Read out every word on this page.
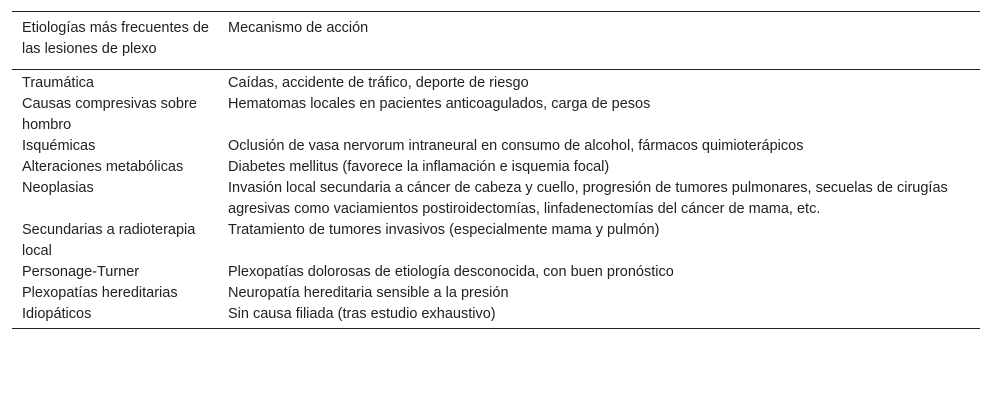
Etiologías más frecuentes de las lesiones de plexo	Mecanismo de acción
Traumática	Caídas, accidente de tráfico, deporte de riesgo
Causas compresivas sobre hombro	Hematomas locales en pacientes anticoagulados, carga de pesos
Isquémicas	Oclusión de vasa nervorum intraneural en consumo de alcohol, fármacos quimioterápicos
Alteraciones metabólicas	Diabetes mellitus (favorece la inflamación e isquemia focal)
Neoplasias	Invasión local secundaria a cáncer de cabeza y cuello, progresión de tumores pulmonares, secuelas de cirugías agresivas como vaciamientos postiroidectomías, linfadenectomías del cáncer de mama, etc.
Secundarias a radioterapia local	Tratamiento de tumores invasivos (especialmente mama y pulmón)
Personage-Turner	Plexopatías dolorosas de etiología desconocida, con buen pronóstico
Plexopatías hereditarias	Neuropatía hereditaria sensible a la presión
Idiopáticos	Sin causa filiada (tras estudio exhaustivo)
